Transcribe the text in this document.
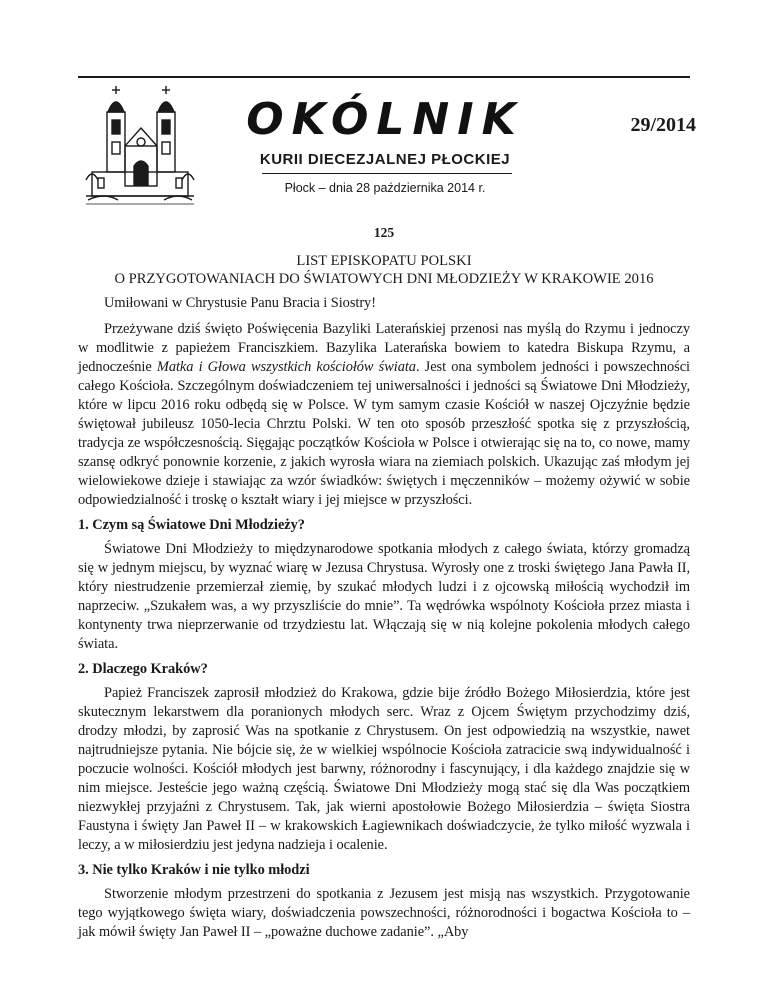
OKÓLNIK
KURII DIECEZJALNEJ PŁOCKIEJ
Płock – dnia 28 października 2014 r.
29/2014
125
LIST EPISKOPATU POLSKI
O PRZYGOTOWANIACH DO ŚWIATOWYCH DNI MŁODZIEŻY W KRAKOWIE 2016

Umiłowani w Chrystusie Panu Bracia i Siostry!

Przeżywane dziś święto Poświęcenia Bazyliki Laterańskiej przenosi nas myślą do Rzymu i jednoczy w modlitwie z papieżem Franciszkiem. Bazylika Laterańska bowiem to katedra Biskupa Rzymu, a jednocześnie Matka i Głowa wszystkich kościołów świata. Jest ona symbolem jedności i powszechności całego Kościoła. Szczególnym doświadczeniem tej uniwersalności i jedności są Światowe Dni Młodzieży, które w lipcu 2016 roku odbędą się w Polsce. W tym samym czasie Kościół w naszej Ojczyźnie będzie świętował jubileusz 1050-lecia Chrztu Polski. W ten oto sposób przeszłość spotka się z przyszłością, tradycja ze współczesnością. Sięgając początków Kościoła w Polsce i otwierając się na to, co nowe, mamy szansę odkryć ponownie korzenie, z jakich wyrosła wiara na ziemiach polskich. Ukazując zaś młodym jej wielowiekowe dzieje i stawiając za wzór świadków: świętych i męczenników – możemy ożywić w sobie odpowiedzialność i troskę o kształt wiary i jej miejsce w przyszłości.

1. Czym są Światowe Dni Młodzieży?

Światowe Dni Młodzieży to międzynarodowe spotkania młodych z całego świata, którzy gromadzą się w jednym miejscu, by wyznać wiarę w Jezusa Chrystusa. Wyrosły one z troski świętego Jana Pawła II, który niestrudzenie przemierzał ziemię, by szukać młodych ludzi i z ojcowską miłością wychodził im naprzeciw. „Szukałem was, a wy przyszliście do mnie”. Ta wędrówka wspólnoty Kościoła przez miasta i kontynenty trwa nieprzerwanie od trzydziestu lat. Włączają się w nią kolejne pokolenia młodych całego świata.

2. Dlaczego Kraków?

Papież Franciszek zaprosił młodzież do Krakowa, gdzie bije źródło Bożego Miłosierdzia, które jest skutecznym lekarstwem dla poranionych młodych serc. Wraz z Ojcem Świętym przychodzimy dziś, drodzy młodzi, by zaprosić Was na spotkanie z Chrystusem. On jest odpowiedzią na wszystkie, nawet najtrudniejsze pytania. Nie bójcie się, że w wielkiej wspólnocie Kościoła zatracicie swą indywidualność i poczucie wolności. Kościół młodych jest barwny, różnorodny i fascynujący, i dla każdego znajdzie się w nim miejsce. Jesteście jego ważną częścią. Światowe Dni Młodzieży mogą stać się dla Was początkiem niezwykłej przyjaźni z Chrystusem. Tak, jak wierni apostołowie Bożego Miłosierdzia – święta Siostra Faustyna i święty Jan Paweł II – w krakowskich Łagiewnikach doświadczycie, że tylko miłość wyzwala i leczy, a w miłosierdziu jest jedyna nadzieja i ocalenie.

3. Nie tylko Kraków i nie tylko młodzi

Stworzenie młodym przestrzeni do spotkania z Jezusem jest misją nas wszystkich. Przygotowanie tego wyjątkowego święta wiary, doświadczenia powszechności, różnorodności i bogactwa Kościoła to – jak mówił święty Jan Paweł II – „poważne duchowe zadanie”. „Aby
